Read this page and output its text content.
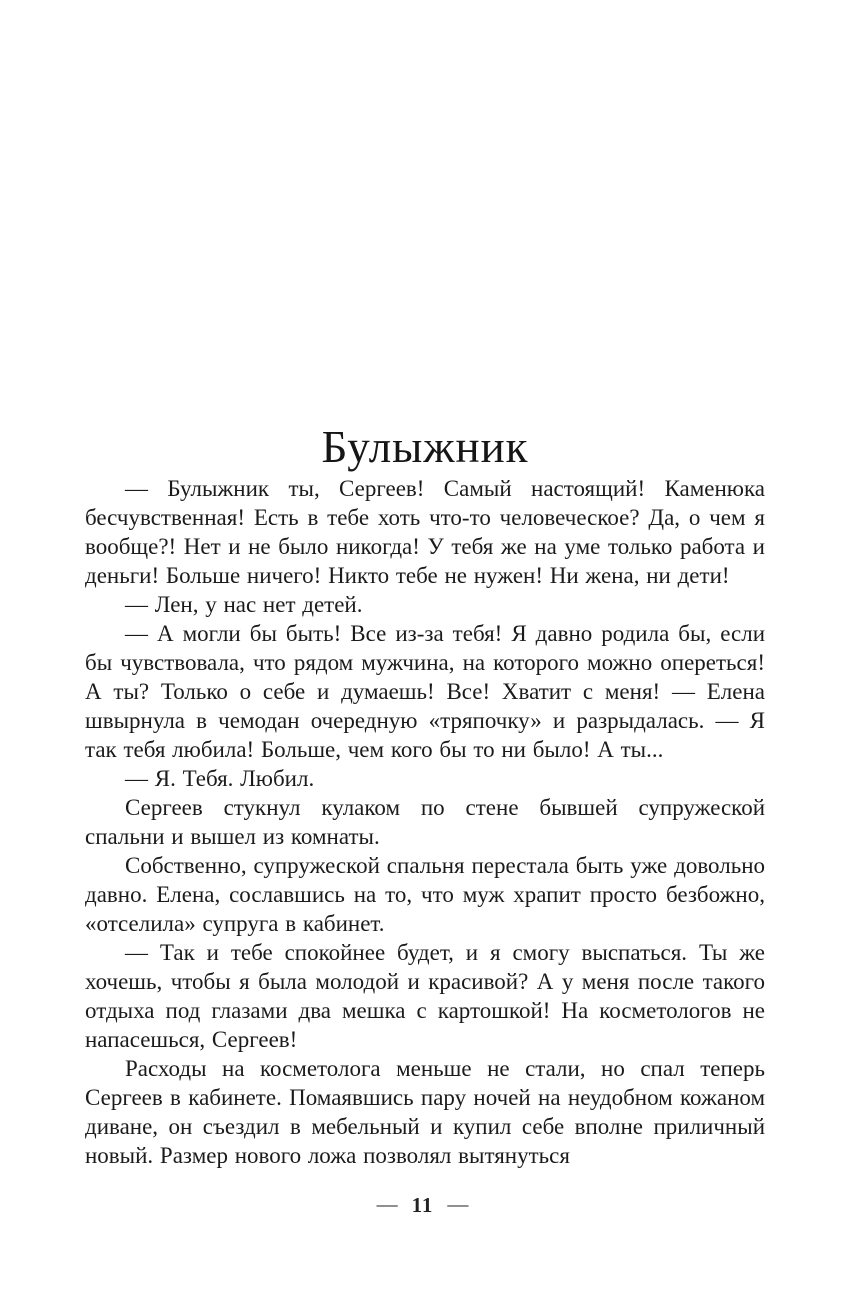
Булыжник

— Булыжник ты, Сергеев! Самый настоящий! Каменюка бесчувственная! Есть в тебе хоть что-то человеческое? Да, о чем я вообще?! Нет и не было никогда! У тебя же на уме только работа и деньги! Больше ничего! Никто тебе не нужен! Ни жена, ни дети!

— Лен, у нас нет детей.

— А могли бы быть! Все из-за тебя! Я давно родила бы, если бы чувствовала, что рядом мужчина, на которого можно опереться! А ты? Только о себе и думаешь! Все! Хватит с меня! — Елена швырнула в чемодан очередную «тряпочку» и разрыдалась. — Я так тебя любила! Больше, чем кого бы то ни было! А ты...

— Я. Тебя. Любил.

Сергеев стукнул кулаком по стене бывшей супружеской спальни и вышел из комнаты.

Собственно, супружеской спальня перестала быть уже довольно давно. Елена, сославшись на то, что муж храпит просто безбожно, «отселила» супруга в кабинет.

— Так и тебе спокойнее будет, и я смогу выспаться. Ты же хочешь, чтобы я была молодой и красивой? А у меня после такого отдыха под глазами два мешка с картошкой! На косметологов не напасешься, Сергеев!

Расходы на косметолога меньше не стали, но спал теперь Сергеев в кабинете. Помаявшись пару ночей на неудобном кожаном диване, он съездил в мебельный и купил себе вполне приличный новый. Размер нового ложа позволял вытянуться

— 11 —
